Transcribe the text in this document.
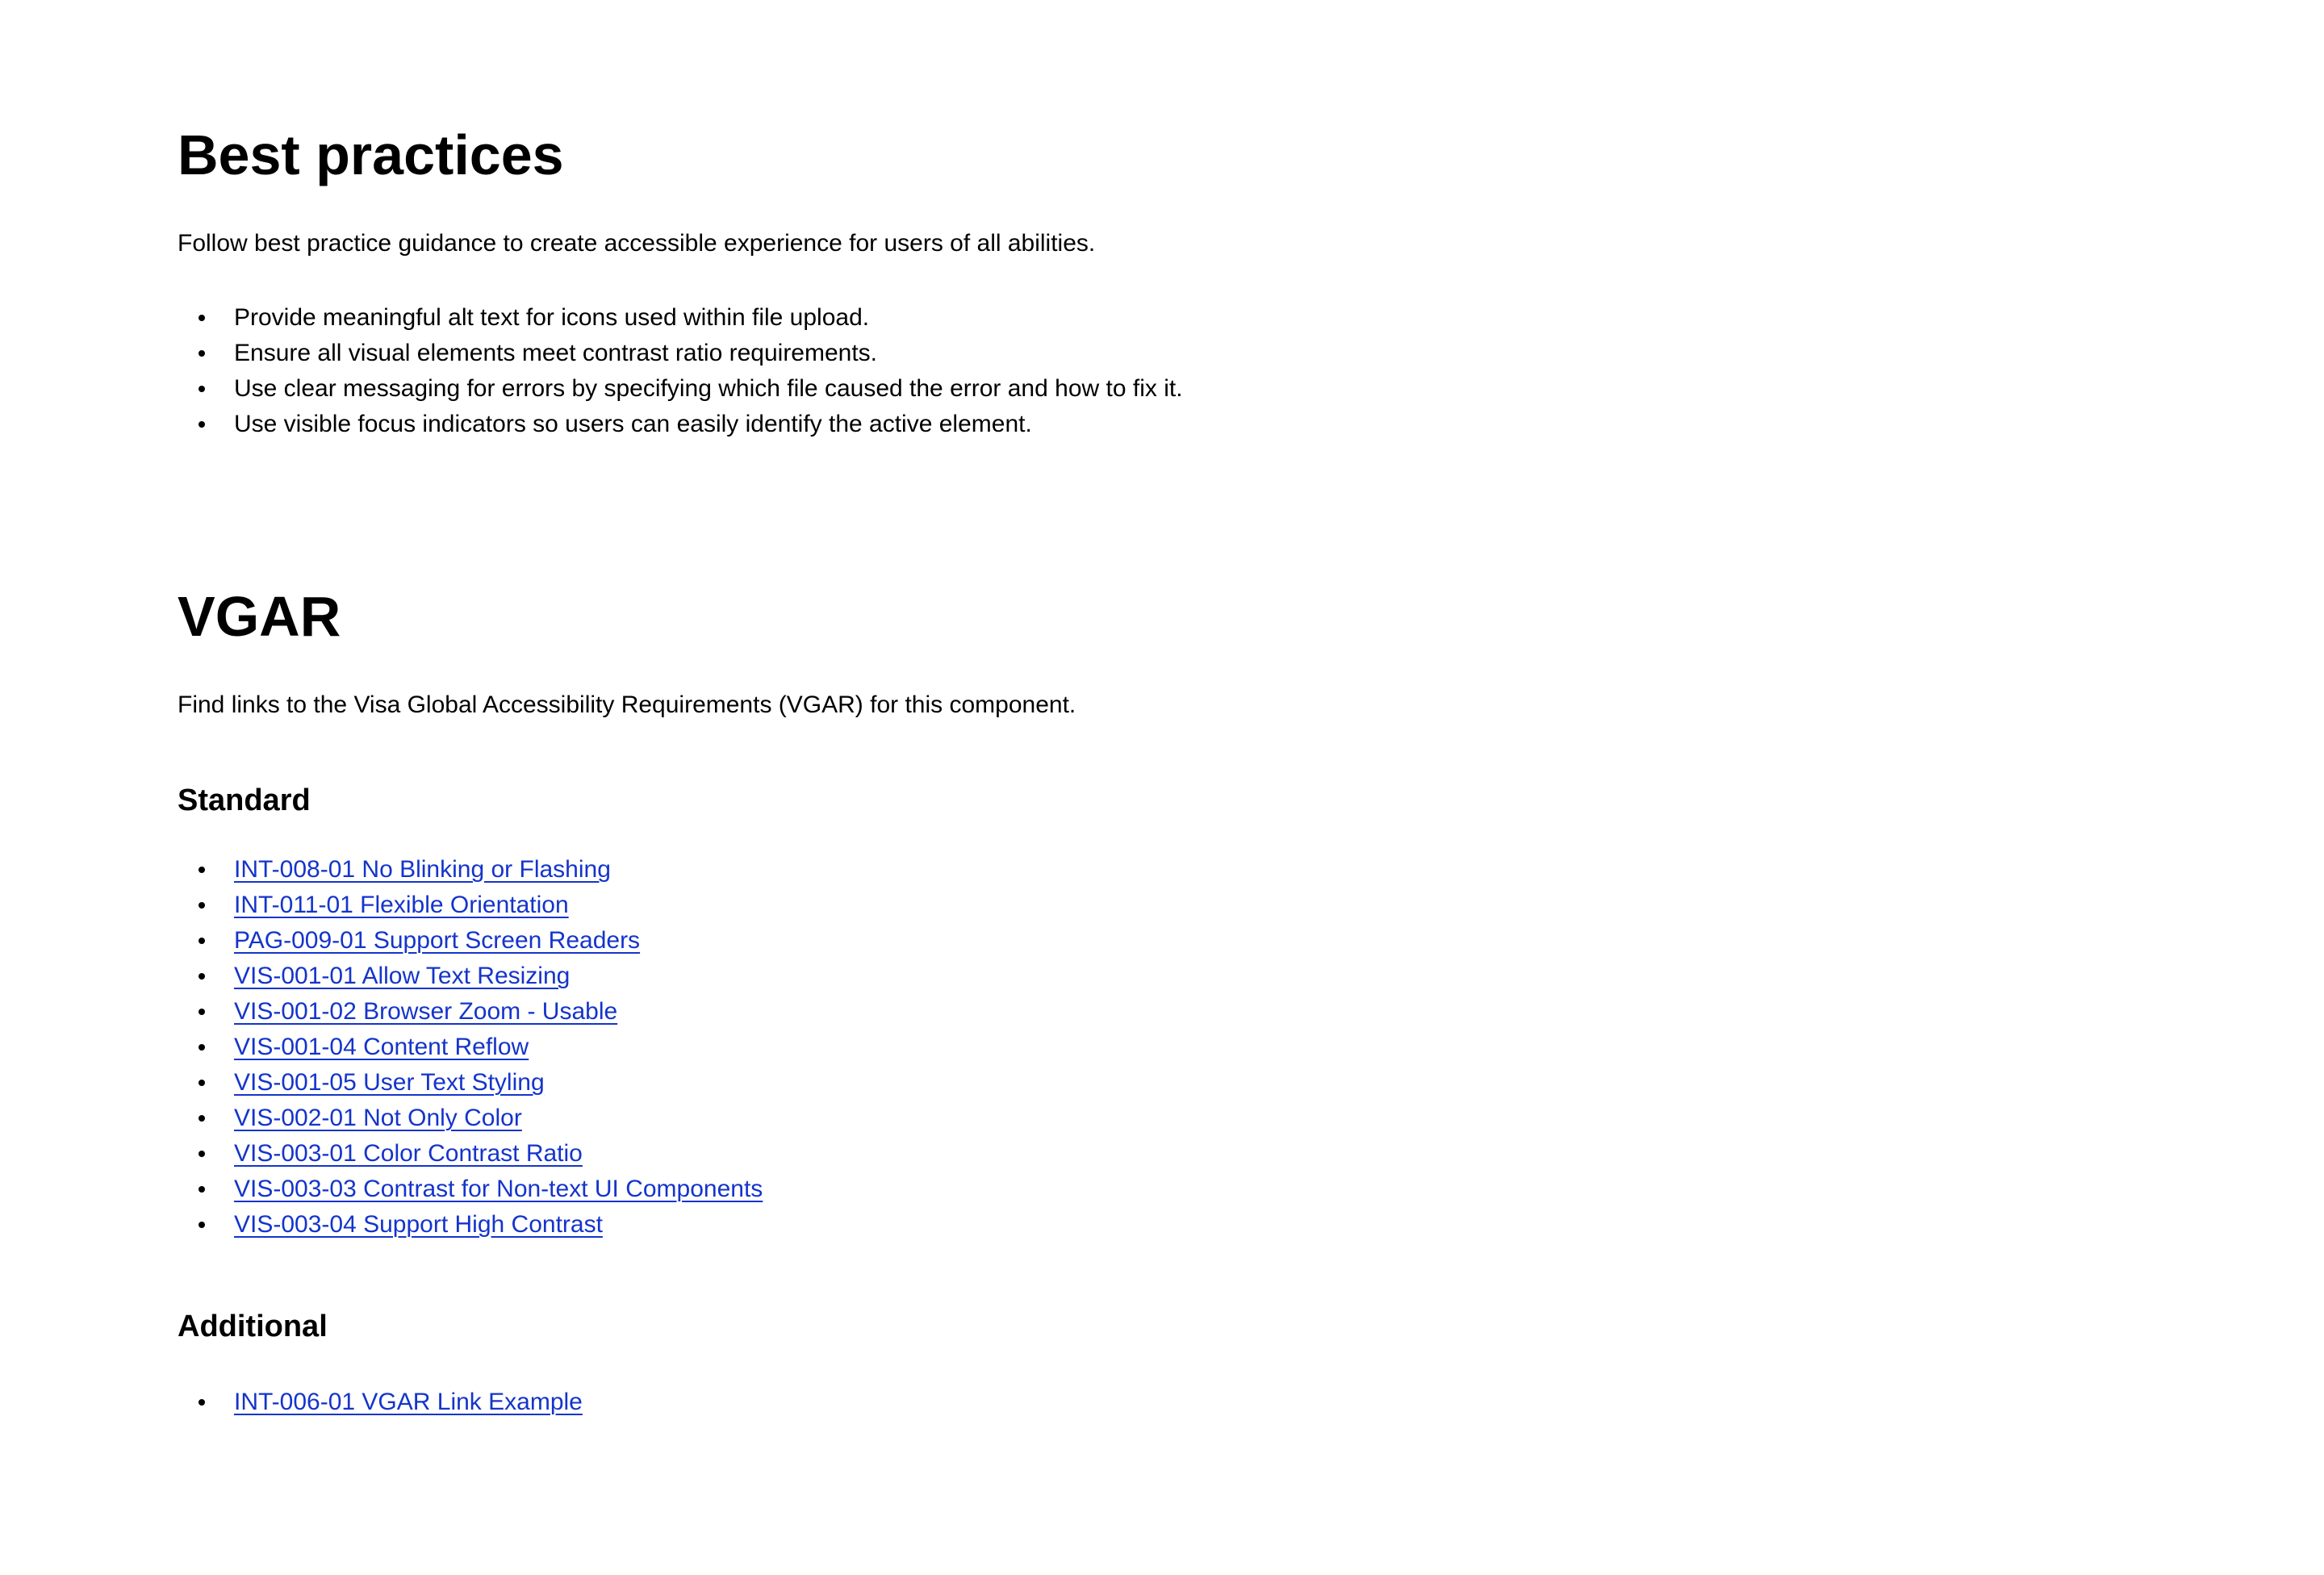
Best practices

Follow best practice guidance to create accessible experience for users of all abilities.

Provide meaningful alt text for icons used within file upload.
Ensure all visual elements meet contrast ratio requirements.
Use clear messaging for errors by specifying which file caused the error and how to fix it.
Use visible focus indicators so users can easily identify the active element.
VGAR

Find links to the Visa Global Accessibility Requirements (VGAR) for this component.

Standard
INT-008-01 No Blinking or Flashing
INT-011-01 Flexible Orientation
PAG-009-01 Support Screen Readers
VIS-001-01 Allow Text Resizing
VIS-001-02 Browser Zoom - Usable
VIS-001-04 Content Reflow
VIS-001-05 User Text Styling
VIS-002-01 Not Only Color
VIS-003-01 Color Contrast Ratio
VIS-003-03 Contrast for Non-text UI Components
VIS-003-04 Support High Contrast
Additional
INT-006-01 VGAR Link Example
